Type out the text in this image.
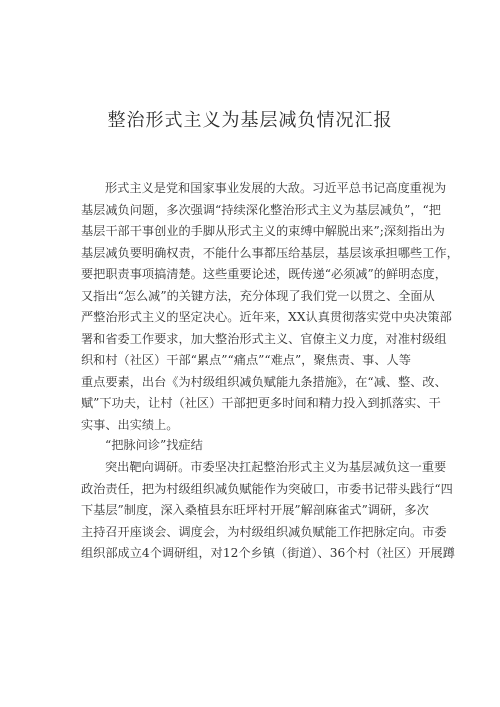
整治形式主义为基层减负情况汇报
形式主义是党和国家事业发展的大敌。习近平总书记高度重视为
基层减负问题，多次强调“持续深化整治形式主义为基层减负”，“把
基层干部干事创业的手脚从形式主义的束缚中解脱出来”;深刻指出为
基层减负要明确权责，不能什么事都压给基层，基层该承担哪些工作，
要把职责事项搞清楚。这些重要论述，既传递“必须减”的鲜明态度，
又指出“怎么减”的关键方法，充分体现了我们党一以贯之、全面从
严整治形式主义的坚定决心。近年来，XX认真贯彻落实党中央决策部
署和省委工作要求，加大整治形式主义、官僚主义力度，对准村级组
织和村（社区）干部“累点”“痛点”“难点”，聚焦责、事、人等
重点要素，出台《为村级组织减负赋能九条措施》，在“减、整、改、
赋”下功夫，让村（社区）干部把更多时间和精力投入到抓落实、干
实事、出实绩上。
“把脉问诊”找症结
突出靶向调研。市委坚决扛起整治形式主义为基层减负这一重要
政治责任，把为村级组织减负赋能作为突破口，市委书记带头践行“四
下基层”制度，深入桑植县东旺坪村开展”解剖麻雀式”调研，多次
主持召开座谈会、调度会，为村级组织减负赋能工作把脉定向。市委
组织部成立4个调研组，对12个乡镇（街道）、36个村（社区）开展蹲
